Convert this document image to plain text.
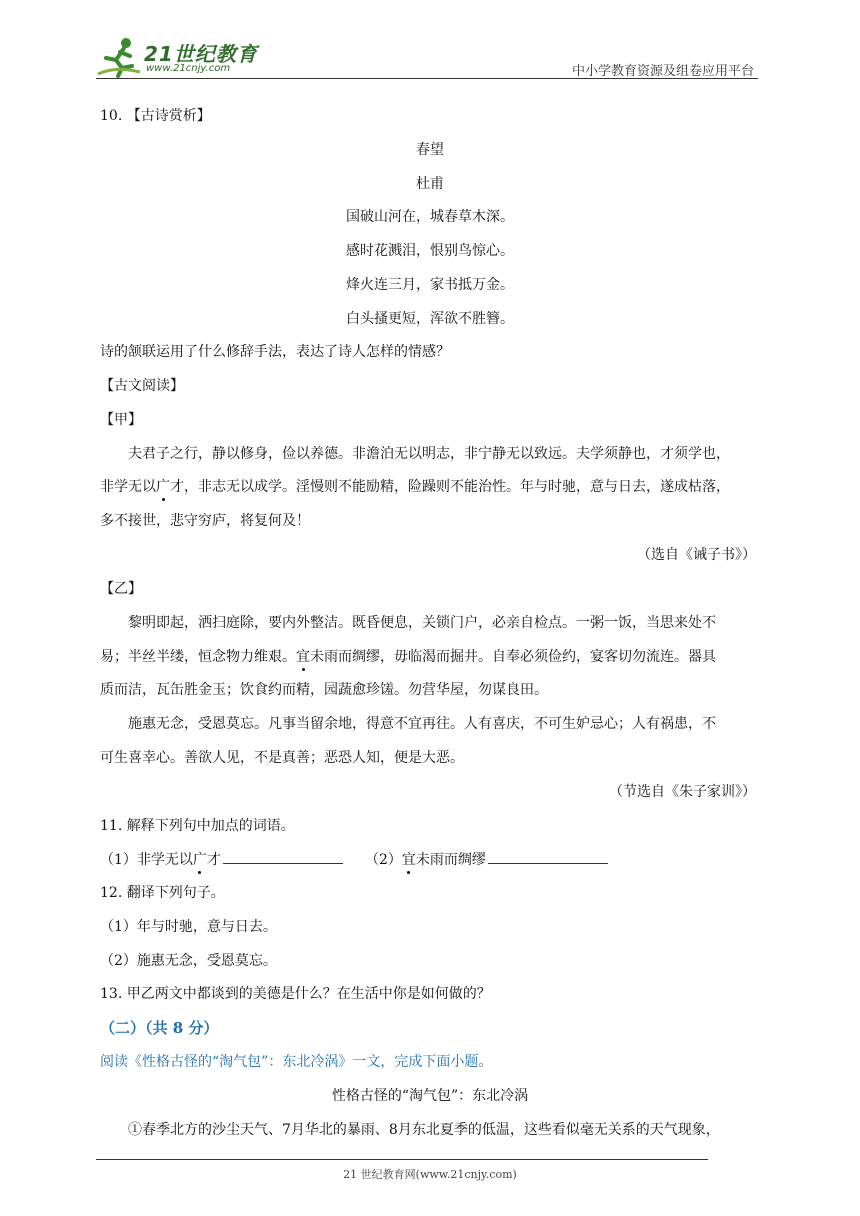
21世纪教育
www.21cnjy.com	中小学教育资源及组卷应用平台
10. 【古诗赏析】
春望
杜甫
国破山河在，城春草木深。
感时花溅泪，恨别鸟惊心。
烽火连三月，家书抵万金。
白头搔更短，浑欲不胜簪。
诗的颔联运用了什么修辞手法，表达了诗人怎样的情感？
【古文阅读】
【甲】
夫君子之行，静以修身，俭以养德。非澹泊无以明志，非宁静无以致远。夫学须静也，才须学也，
非学无以广才，非志无以成学。淫慢则不能励精，险躁则不能治性。年与时驰，意与日去，遂成枯落，
多不接世，悲守穷庐，将复何及！
（选自《诫子书》）
【乙】
黎明即起，洒扫庭除，要内外整洁。既昏便息，关锁门户，必亲自检点。一粥一饭，当思来处不
易；半丝半缕，恒念物力维艰。宜未雨而绸缪，毋临渴而掘井。自奉必须俭约，宴客切勿流连。器具
质而洁，瓦缶胜金玉；饮食约而精，园蔬愈珍馐。勿营华屋，勿谋良田。
施惠无念，受恩莫忘。凡事当留余地，得意不宜再往。人有喜庆，不可生妒忌心；人有祸患，不
可生喜幸心。善欲人见，不是真善；恶恐人知，便是大恶。
（节选自《朱子家训》）
11. 解释下列句中加点的词语。
（1）非学无以广才	（2）宜未雨而绸缪
12. 翻译下列句子。
（1）年与时驰，意与日去。
（2）施惠无念，受恩莫忘。
13. 甲乙两文中都谈到的美德是什么？在生活中你是如何做的？
（二）（共 8 分）
阅读《性格古怪的“淘气包”：东北冷涡》一文，完成下面小题。
性格古怪的“淘气包”：东北冷涡
①春季北方的沙尘天气、7月华北的暴雨、8月东北夏季的低温，这些看似毫无关系的天气现象，
21 世纪教育网(www.21cnjy.com)
